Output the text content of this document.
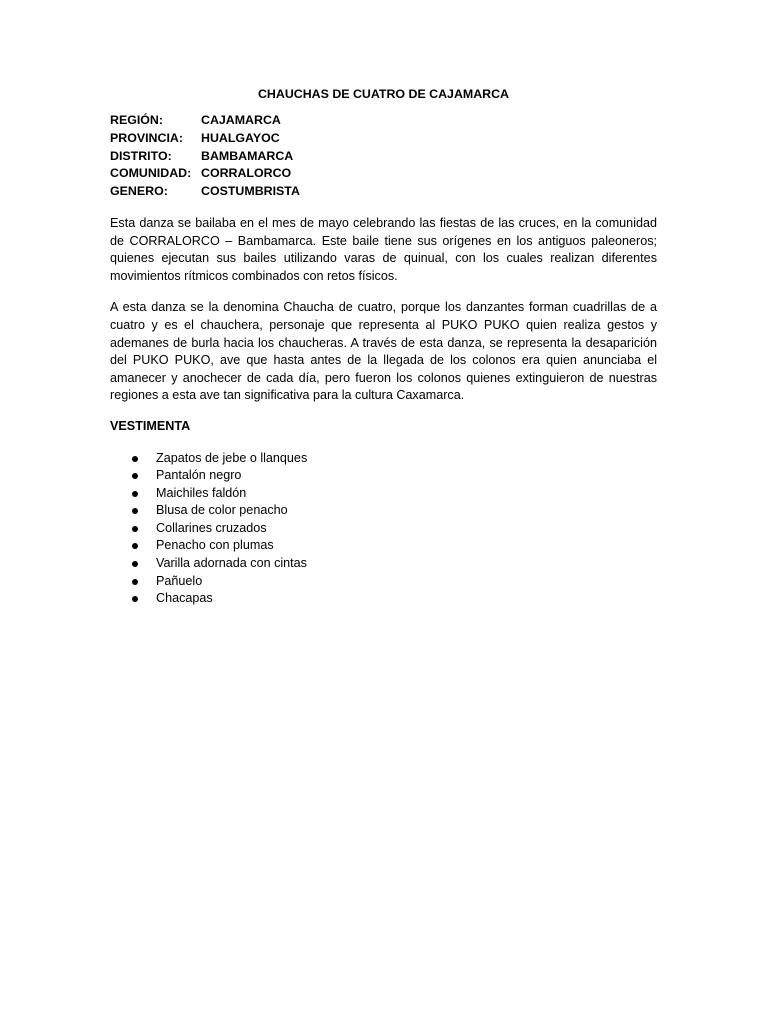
CHAUCHAS DE CUATRO DE CAJAMARCA
REGIÓN:	CAJAMARCA
PROVINCIA:	HUALGAYOC
DISTRITO:	BAMBAMARCA
COMUNIDAD:	CORRALORCO
GENERO:	COSTUMBRISTA

Esta danza se bailaba en el mes de mayo celebrando las fiestas de las cruces, en la comunidad de CORRALORCO – Bambamarca. Este baile tiene sus orígenes en los antiguos paleoneros; quienes ejecutan sus bailes utilizando varas de quinual, con los cuales realizan diferentes movimientos rítmicos combinados con retos físicos.

A esta danza se la denomina Chaucha de cuatro, porque los danzantes forman cuadrillas de a cuatro y es el chauchera, personaje que representa al PUKO PUKO quien realiza gestos y ademanes de burla hacia los chaucheras. A través de esta danza, se representa la desaparición del PUKO PUKO, ave que hasta antes de la llegada de los colonos era quien anunciaba el amanecer y anochecer de cada día, pero fueron los colonos quienes extinguieron de nuestras regiones a esta ave tan significativa para la cultura Caxamarca.

VESTIMENTA

Zapatos de jebe o llanques
Pantalón negro
Maichiles faldón
Blusa de color penacho
Collarines cruzados
Penacho con plumas
Varilla adornada con cintas
Pañuelo
Chacapas
